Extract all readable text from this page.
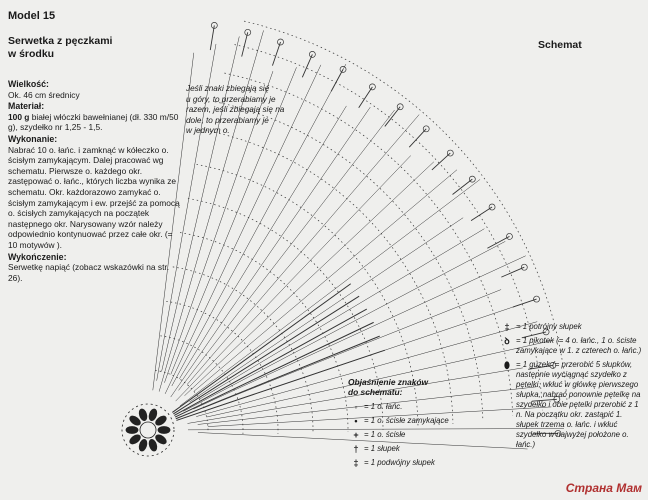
Model 15
Serwetka z pęczkami
w środku
Wielkość:
Ok. 46 cm średnicy
Materiał:
100 g białej włóczki bawełnianej (dł. 330 m/50 g), szydełko nr 1,25 - 1,5.
Wykonanie:
Nabrać 10 o. łańc. i zamknąć w kółeczko o. ścisłym zamykającym. Dalej pracować wg schematu. Pierwsze o. każdego okr. zastępować o. łańc., których liczba wynika ze schematu. Okr. każdorazowo zamykać o. ścisłym zamykającym i ew. przejść za pomocą o. ścisłych zamykających na początek następnego okr. Narysowany wzór należy odpowiednio kontynuować przez całe okr. (= 10 motywów ).
Wykończenie:
Serwetkę napiąć (zobacz wskazówki na str. 26).
Jeśli znaki zbiegają się
u góry, to przerabiamy je
razem, jeśli zbiegają się na
dole, to przerabiamy je
w jednym o.
Schemat
Objaśnienie znaków
do schematu:
◦ = 1 o. łańc.
• = 1 o. ścisłe zamykające
+ = 1 o. ścisłe
† = 1 słupek
‡ = 1 podwójny słupek
‡ = 1 potrójny słupek
ꝺ = 1 pikotek (= 4 o. łańc., 1 o. ściste zamykające w 1. z czterech o. łańc.)
⬮ = 1 guzek (= przerobić 5 słupków, następnie wyciągnąć szydełko z pętelki, wkłuć w główkę pierwszego słupka, nabrać ponownie pętelkę na szydełko i obie pętelki przerobić z 1 n. Na początku okr. zastąpić 1. słupek trzema o. łańc. i wkłuć szydełko w najwyżej położone o. łańc.)
Страна Мам
